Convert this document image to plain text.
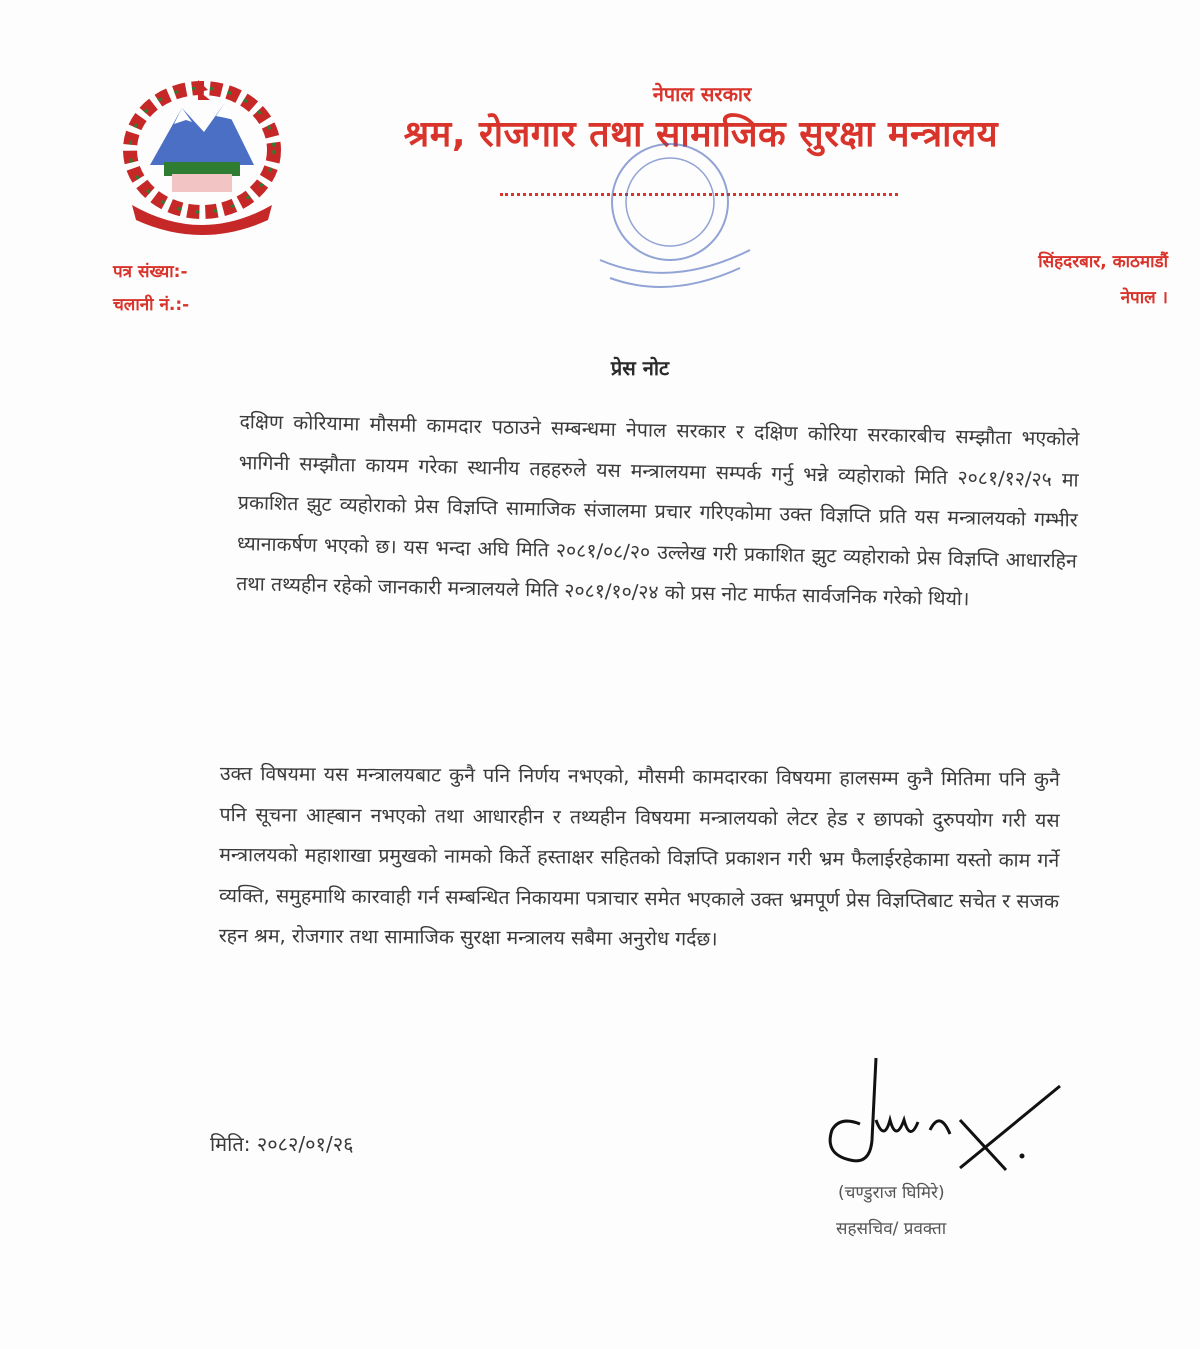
नेपाल सरकार
श्रम, रोजगार तथा सामाजिक सुरक्षा मन्त्रालय
पत्र संख्या:-
चलानी नं.:-
सिंहदरबार, काठमाडौं
नेपाल ।
प्रेस नोट
दक्षिण कोरियामा मौसमी कामदार पठाउने सम्बन्धमा नेपाल सरकार र दक्षिण कोरिया सरकारबीच सम्झौता भएकोले भागिनी सम्झौता कायम गरेका स्थानीय तहहरुले यस मन्त्रालयमा सम्पर्क गर्नु भन्ने व्यहोराको मिति २०८१/१२/२५ मा प्रकाशित झुट व्यहोराको प्रेस विज्ञप्ति सामाजिक संजालमा प्रचार गरिएकोमा उक्त विज्ञप्ति प्रति यस मन्त्रालयको गम्भीर ध्यानाकर्षण भएको छ। यस भन्दा अघि मिति २०८१/०८/२० उल्लेख गरी प्रकाशित झुट व्यहोराको प्रेस विज्ञप्ति आधारहिन तथा तथ्यहीन रहेको जानकारी मन्त्रालयले मिति २०८१/१०/२४ को प्रस नोट मार्फत सार्वजनिक गरेको थियो।
उक्त विषयमा यस मन्त्रालयबाट कुनै पनि निर्णय नभएको, मौसमी कामदारका विषयमा हालसम्म कुनै मितिमा पनि कुनै पनि सूचना आह्बान नभएको तथा आधारहीन र तथ्यहीन विषयमा मन्त्रालयको लेटर हेड र छापको दुरुपयोग गरी यस मन्त्रालयको महाशाखा प्रमुखको नामको किर्ते हस्ताक्षर सहितको विज्ञप्ति प्रकाशन गरी भ्रम फैलाईरहेकामा यस्तो काम गर्ने व्यक्ति, समुहमाथि कारवाही गर्न सम्बन्धित निकायमा पत्राचार समेत भएकाले उक्त भ्रमपूर्ण प्रेस विज्ञप्तिबाट सचेत र सजक रहन श्रम, रोजगार तथा सामाजिक सुरक्षा मन्त्रालय सबैमा अनुरोध गर्दछ।
मिति: २०८२/०१/२६
(चण्डुराज घिमिरे)
सहसचिव/ प्रवक्ता
